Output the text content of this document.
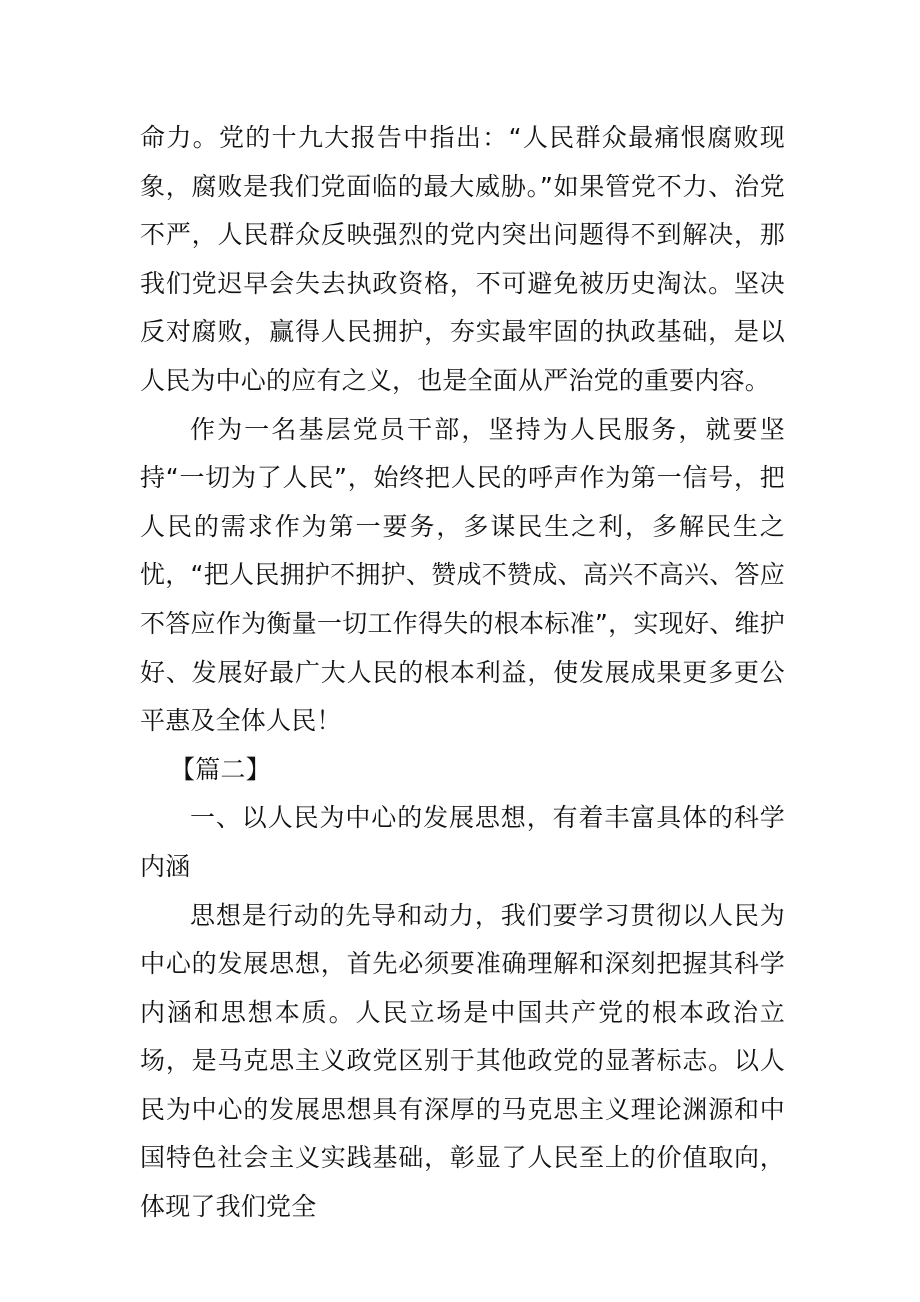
命力。党的十九大报告中指出：“人民群众最痛恨腐败现象，腐败是我们党面临的最大威胁。”如果管党不力、治党不严，人民群众反映强烈的党内突出问题得不到解决，那我们党迟早会失去执政资格，不可避免被历史淘汰。坚决反对腐败，赢得人民拥护，夯实最牢固的执政基础，是以人民为中心的应有之义，也是全面从严治党的重要内容。

作为一名基层党员干部，坚持为人民服务，就要坚持“一切为了人民”，始终把人民的呼声作为第一信号，把人民的需求作为第一要务，多谋民生之利，多解民生之忧，“把人民拥护不拥护、赞成不赞成、高兴不高兴、答应不答应作为衡量一切工作得失的根本标准”，实现好、维护好、发展好最广大人民的根本利益，使发展成果更多更公平惠及全体人民！

【篇二】

一、以人民为中心的发展思想，有着丰富具体的科学内涵

思想是行动的先导和动力，我们要学习贯彻以人民为中心的发展思想，首先必须要准确理解和深刻把握其科学内涵和思想本质。人民立场是中国共产党的根本政治立场，是马克思主义政党区别于其他政党的显著标志。以人民为中心的发展思想具有深厚的马克思主义理论渊源和中国特色社会主义实践基础，彰显了人民至上的价值取向，体现了我们党全
